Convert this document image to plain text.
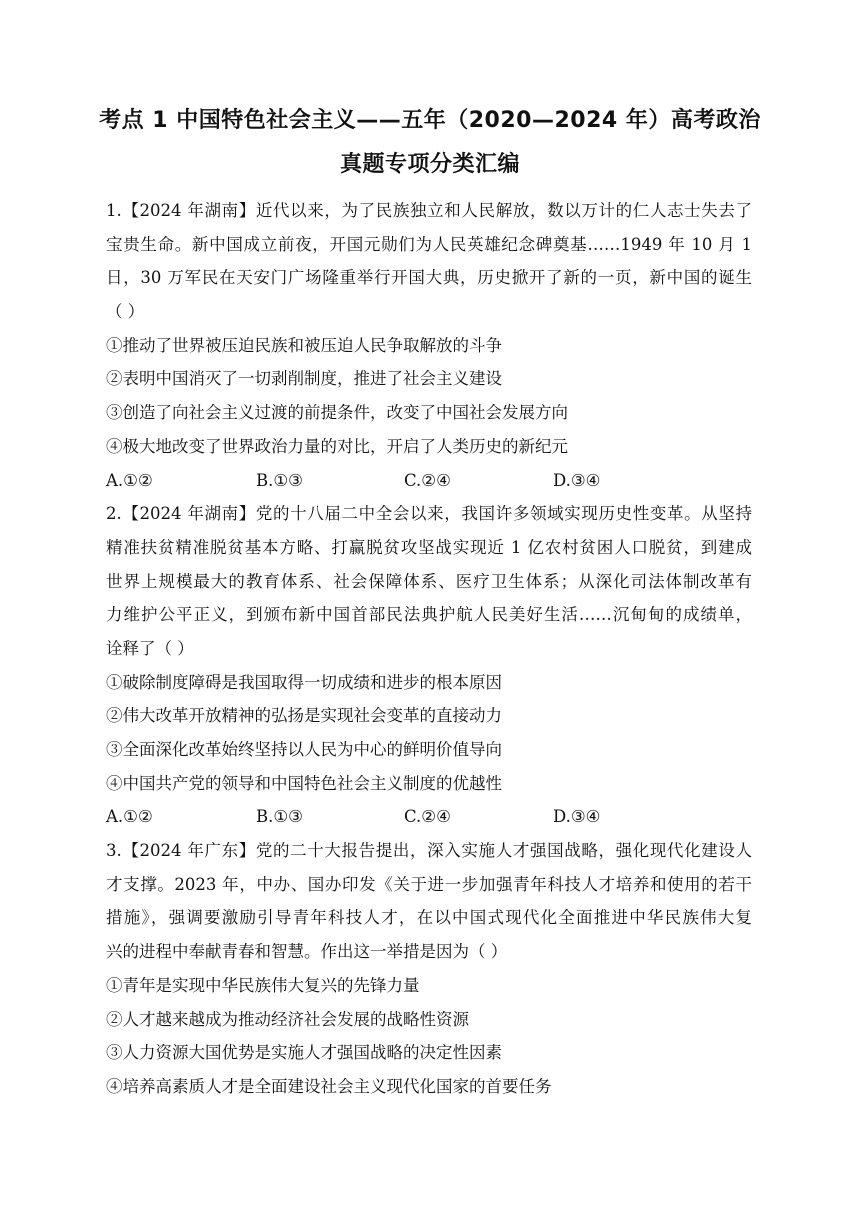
考点 1 中国特色社会主义——五年（2020—2024 年）高考政治
真题专项分类汇编
1.【2024 年湖南】近代以来，为了民族独立和人民解放，数以万计的仁人志士失去了
宝贵生命。新中国成立前夜，开国元勋们为人民英雄纪念碑奠基……1949 年 10 月 1
日，30 万军民在天安门广场隆重举行开国大典，历史掀开了新的一页，新中国的诞生
（ ）
①推动了世界被压迫民族和被压迫人民争取解放的斗争
②表明中国消灭了一切剥削制度，推进了社会主义建设
③创造了向社会主义过渡的前提条件，改变了中国社会发展方向
④极大地改变了世界政治力量的对比，开启了人类历史的新纪元
A.①②	B.①③	C.②④	D.③④
2.【2024 年湖南】党的十八届二中全会以来，我国许多领域实现历史性变革。从坚持
精准扶贫精准脱贫基本方略、打赢脱贫攻坚战实现近 1 亿农村贫困人口脱贫，到建成
世界上规模最大的教育体系、社会保障体系、医疗卫生体系；从深化司法体制改革有
力维护公平正义，到颁布新中国首部民法典护航人民美好生活……沉甸甸的成绩单，
诠释了（ ）
①破除制度障碍是我国取得一切成绩和进步的根本原因
②伟大改革开放精神的弘扬是实现社会变革的直接动力
③全面深化改革始终坚持以人民为中心的鲜明价值导向
④中国共产党的领导和中国特色社会主义制度的优越性
A.①②	B.①③	C.②④	D.③④
3.【2024 年广东】党的二十大报告提出，深入实施人才强国战略，强化现代化建设人
才支撑。2023 年，中办、国办印发《关于进一步加强青年科技人才培养和使用的若干
措施》，强调要激励引导青年科技人才，在以中国式现代化全面推进中华民族伟大复
兴的进程中奉献青春和智慧。作出这一举措是因为（ ）
①青年是实现中华民族伟大复兴的先锋力量
②人才越来越成为推动经济社会发展的战略性资源
③人力资源大国优势是实施人才强国战略的决定性因素
④培养高素质人才是全面建设社会主义现代化国家的首要任务
